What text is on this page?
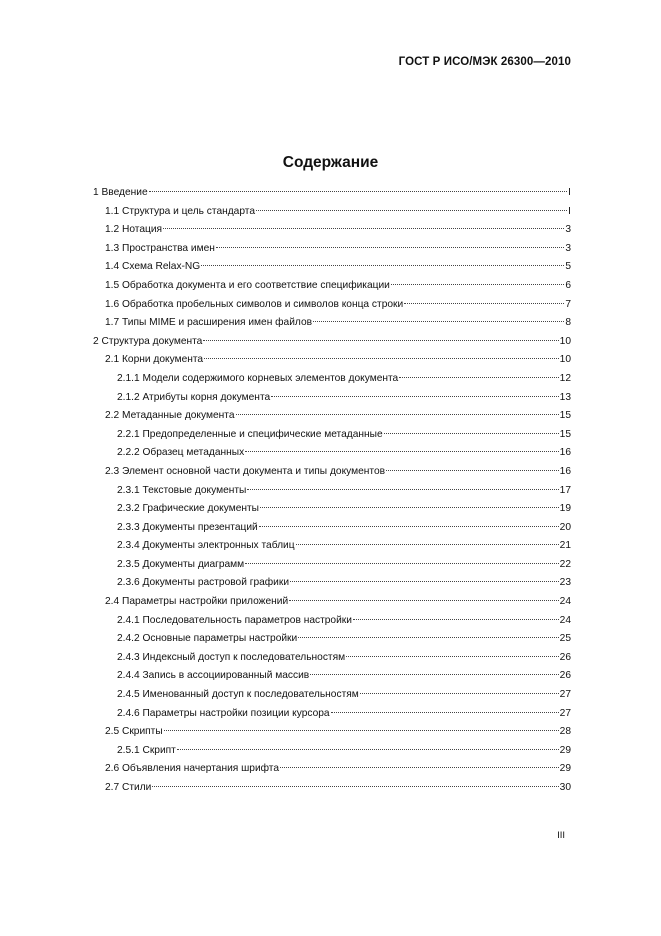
ГОСТ Р ИСО/МЭК 26300—2010
Содержание
1 Введение	I
1.1 Структура и цель стандарта	I
1.2 Нотация	3
1.3 Пространства имен	3
1.4 Схема Relax-NG	5
1.5 Обработка документа и его соответствие спецификации	6
1.6 Обработка пробельных символов и символов конца строки	7
1.7 Типы MIME и расширения имен файлов	8
2 Структура документа	10
2.1 Корни документа	10
2.1.1 Модели содержимого корневых элементов документа	12
2.1.2 Атрибуты корня документа	13
2.2 Метаданные документа	15
2.2.1 Предопределенные и специфические метаданные	15
2.2.2 Образец метаданных	16
2.3 Элемент основной части документа и типы документов	16
2.3.1 Текстовые документы	17
2.3.2 Графические документы	19
2.3.3 Документы презентаций	20
2.3.4 Документы электронных таблиц	21
2.3.5 Документы диаграмм	22
2.3.6 Документы растровой графики	23
2.4 Параметры настройки приложений	24
2.4.1 Последовательность параметров настройки	24
2.4.2 Основные параметры настройки	25
2.4.3 Индексный доступ к последовательностям	26
2.4.4 Запись в ассоциированный массив	26
2.4.5 Именованный доступ к последовательностям	27
2.4.6 Параметры настройки позиции курсора	27
2.5 Скрипты	28
2.5.1 Скрипт	29
2.6 Объявления начертания шрифта	29
2.7 Стили	30
III
